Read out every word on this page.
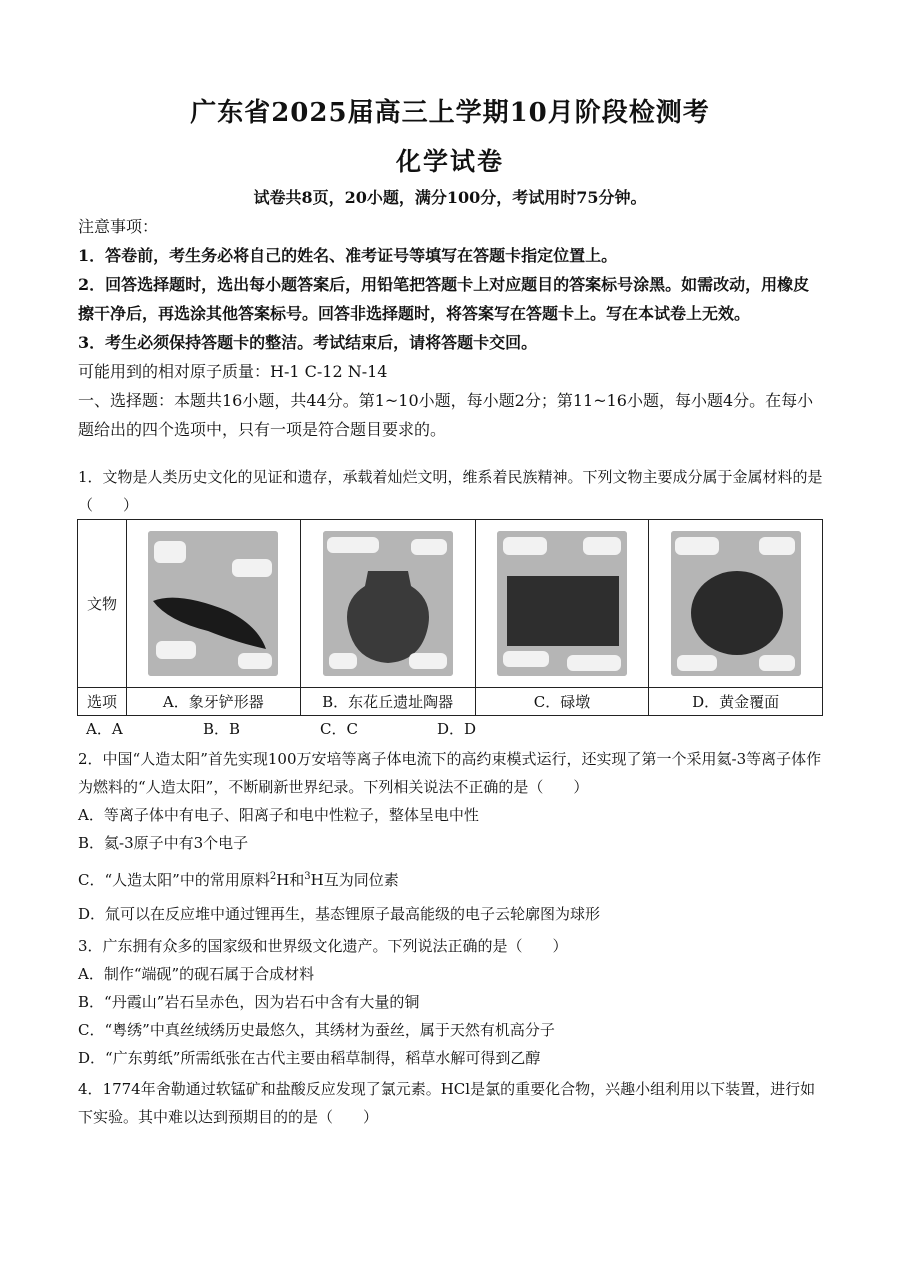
广东省2025届高三上学期10月阶段检测考
化学试卷
试卷共8页，20小题，满分100分，考试用时75分钟。
注意事项：
1．答卷前，考生务必将自己的姓名、准考证号等填写在答题卡指定位置上。
2．回答选择题时，选出每小题答案后，用铅笔把答题卡上对应题目的答案标号涂黑。如需改动，用橡皮擦干净后，再选涂其他答案标号。回答非选择题时，将答案写在答题卡上。写在本试卷上无效。
3．考生必须保持答题卡的整洁。考试结束后，请将答题卡交回。
可能用到的相对原子质量：H-1 C-12 N-14
一、选择题：本题共16小题，共44分。第1~10小题，每小题2分；第11~16小题，每小题4分。在每小题给出的四个选项中，只有一项是符合题目要求的。
1．文物是人类历史文化的见证和遗存，承载着灿烂文明，维系着民族精神。下列文物主要成分属于金属材料的是（　　）
文物	

选项	A．象牙铲形器	B．东花丘遗址陶器	C．碌墩	D．黄金覆面
A．A	B．B	C．C	D．D
2．中国“人造太阳”首先实现100万安培等离子体电流下的高约束模式运行，还实现了第一个采用氦-3等离子体作为燃料的“人造太阳”，不断刷新世界纪录。下列相关说法不正确的是（　　）
A．等离子体中有电子、阳离子和电中性粒子，整体呈电中性
B．氦-3原子中有3个电子
C．“人造太阳”中的常用原料$^2$H和$^3$H互为同位素
D．氚可以在反应堆中通过锂再生，基态锂原子最高能级的电子云轮廓图为球形
3．广东拥有众多的国家级和世界级文化遗产。下列说法正确的是（　　）
A．制作“端砚”的砚石属于合成材料
B．“丹霞山”岩石呈赤色，因为岩石中含有大量的铜
C．“粤绣”中真丝绒绣历史最悠久，其绣材为蚕丝，属于天然有机高分子
D．“广东剪纸”所需纸张在古代主要由稻草制得，稻草水解可得到乙醇
4．1774年舍勒通过软锰矿和盐酸反应发现了氯元素。HCl是氯的重要化合物，兴趣小组利用以下装置，进行如下实验。其中难以达到预期目的的是（　　）
